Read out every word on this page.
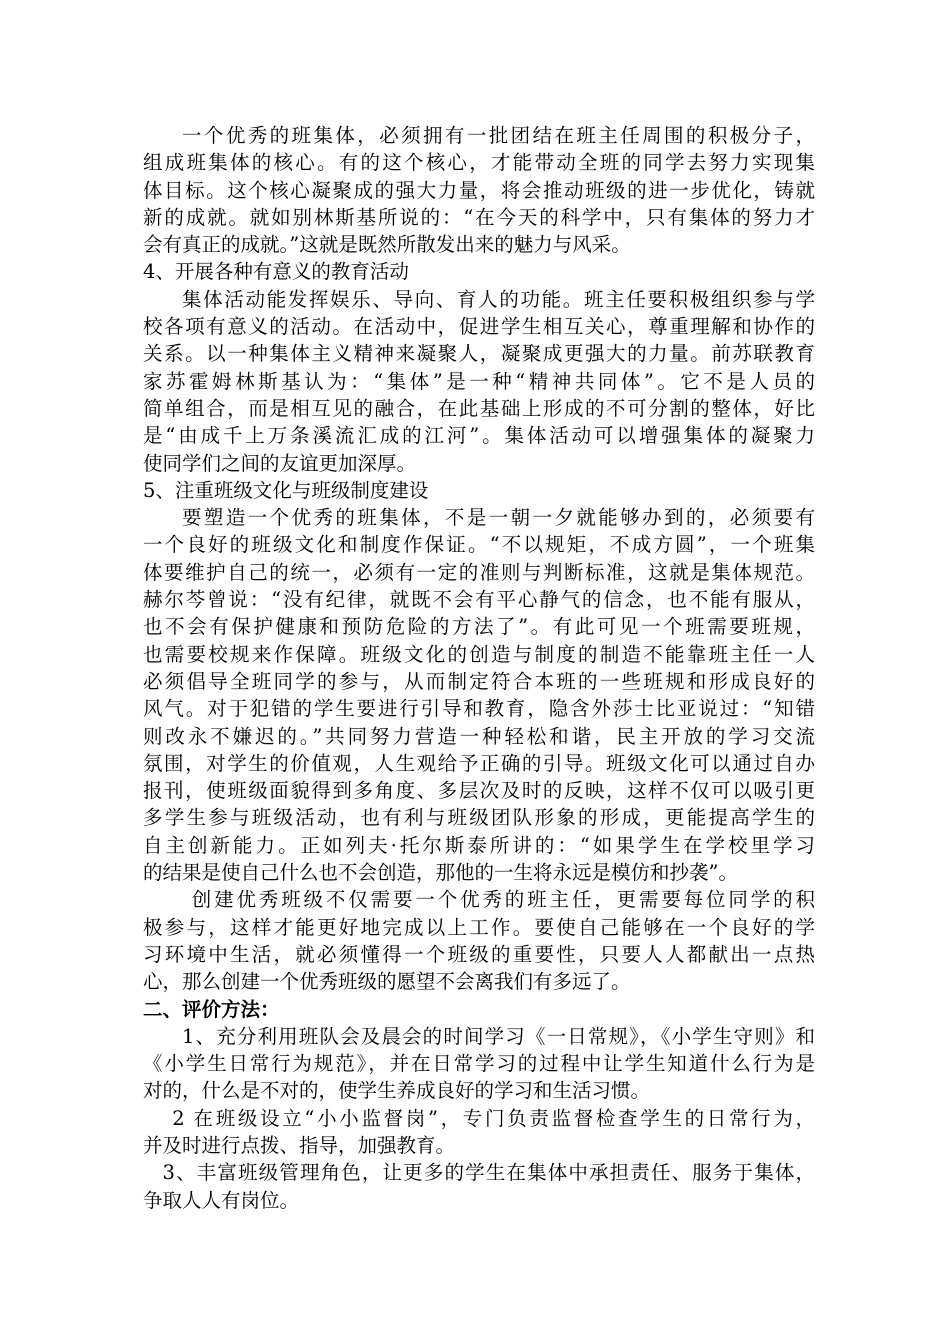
一个优秀的班集体，必须拥有一批团结在班主任周围的积极分子，
组成班集体的核心。有的这个核心，才能带动全班的同学去努力实现集
体目标。这个核心凝聚成的强大力量，将会推动班级的进一步优化，铸就
新的成就。就如别林斯基所说的：“在今天的科学中，只有集体的努力才
会有真正的成就。”这就是既然所散发出来的魅力与风采。
4、开展各种有意义的教育活动
集体活动能发挥娱乐、导向、育人的功能。班主任要积极组织参与学
校各项有意义的活动。在活动中，促进学生相互关心，尊重理解和协作的
关系。以一种集体主义精神来凝聚人，凝聚成更强大的力量。前苏联教育
家苏霍姆林斯基认为：“集体”是一种“精神共同体”。它不是人员的
简单组合，而是相互见的融合，在此基础上形成的不可分割的整体，好比
是“由成千上万条溪流汇成的江河”。集体活动可以增强集体的凝聚力
使同学们之间的友谊更加深厚。
5、注重班级文化与班级制度建设
要塑造一个优秀的班集体，不是一朝一夕就能够办到的，必须要有
一个良好的班级文化和制度作保证。“不以规矩，不成方圆”，一个班集
体要维护自己的统一，必须有一定的准则与判断标准，这就是集体规范。
赫尔芩曾说：“没有纪律，就既不会有平心静气的信念，也不能有服从，
也不会有保护健康和预防危险的方法了”。有此可见一个班需要班规，
也需要校规来作保障。班级文化的创造与制度的制造不能靠班主任一人
必须倡导全班同学的参与，从而制定符合本班的一些班规和形成良好的
风气。对于犯错的学生要进行引导和教育，隐含外莎士比亚说过：“知错
则改永不嫌迟的。”共同努力营造一种轻松和谐，民主开放的学习交流
氛围，对学生的价值观，人生观给予正确的引导。班级文化可以通过自办
报刊，使班级面貌得到多角度、多层次及时的反映，这样不仅可以吸引更
多学生参与班级活动，也有利与班级团队形象的形成，更能提高学生的
自主创新能力。正如列夫·托尔斯泰所讲的：“如果学生在学校里学习
的结果是使自己什么也不会创造，那他的一生将永远是模仿和抄袭”。
创建优秀班级不仅需要一个优秀的班主任，更需要每位同学的积
极参与，这样才能更好地完成以上工作。要使自己能够在一个良好的学
习环境中生活，就必须懂得一个班级的重要性，只要人人都献出一点热
心，那么创建一个优秀班级的愿望不会离我们有多远了。
二、评价方法：
1、充分利用班队会及晨会的时间学习《一日常规》，《小学生守则》和
《小学生日常行为规范》，并在日常学习的过程中让学生知道什么行为是
对的，什么是不对的，使学生养成良好的学习和生活习惯。
2 在班级设立“小小监督岗”，专门负责监督检查学生的日常行为，
并及时进行点拨、指导，加强教育。
3、丰富班级管理角色，让更多的学生在集体中承担责任、服务于集体，
争取人人有岗位。
